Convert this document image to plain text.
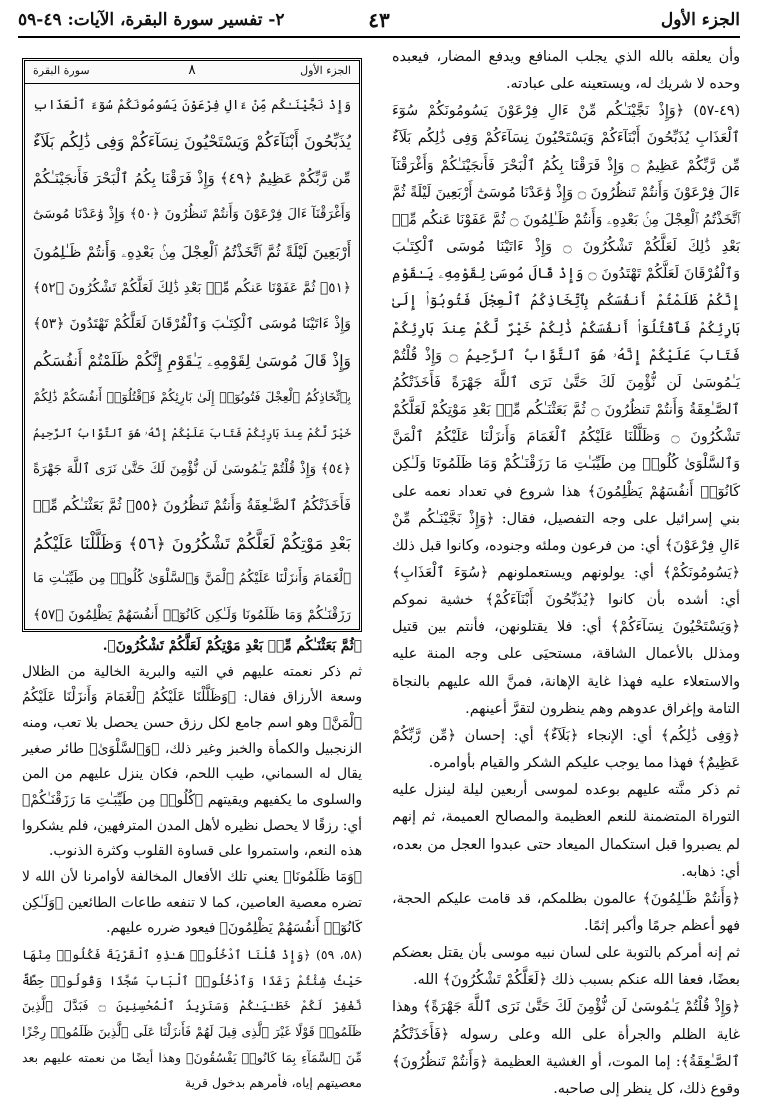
الجزء الأول
٤٣
٢- تفسير سورة البقرة، الآيات: ٤٩-٥٩

وأن يعلقه بالله الذي يجلب المنافع ويدفع المضار، فيعبده وحده لا شريك له، ويستعينه على عبادته.

(٤٩-٥٧) ﴿وَإِذْ نَجَّيْنَـٰكُم مِّنْ ءَالِ فِرْعَوْنَ يَسُومُونَكُمْ سُوٓءَ ٱلْعَذَابِ يُذَبِّحُونَ أَبْنَآءَكُمْ وَيَسْتَحْيُونَ نِسَآءَكُمْ وَفِى ذَٰلِكُم بَلَآءٌ مِّن رَّبِّكُمْ عَظِيمٌ ۝ وَإِذْ فَرَقْنَا بِكُمُ ٱلْبَحْرَ فَأَنجَيْنَـٰكُمْ وَأَغْرَقْنَآ ءَالَ فِرْعَوْنَ وَأَنتُمْ تَنظُرُونَ ۝ وَإِذْ وَٰعَدْنَا مُوسَىٰٓ أَرْبَعِينَ لَيْلَةً ثُمَّ ٱتَّخَذْتُمُ ٱلْعِجْلَ مِنۢ بَعْدِهِۦ وَأَنتُمْ ظَـٰلِمُونَ ۝ ثُمَّ عَفَوْنَا عَنكُم مِّنۢ بَعْدِ ذَٰلِكَ لَعَلَّكُمْ تَشْكُرُونَ ۝ وَإِذْ ءَاتَيْنَا مُوسَى ٱلْكِتَـٰبَ وَٱلْفُرْقَانَ لَعَلَّكُمْ تَهْتَدُونَ ۝ وَإِذْ قَالَ مُوسَىٰ لِقَوْمِهِۦ يَـٰقَوْمِ إِنَّكُمْ ظَلَمْتُمْ أَنفُسَكُم بِٱتِّخَاذِكُمُ ٱلْعِجْلَ فَتُوبُوٓا۟ إِلَىٰ بَارِئِكُمْ فَٱقْتُلُوٓا۟ أَنفُسَكُمْ ذَٰلِكُمْ خَيْرٌ لَّكُمْ عِندَ بَارِئِكُمْ فَتَابَ عَلَيْكُمْ إِنَّهُۥ هُوَ ٱلتَّوَّابُ ٱلرَّحِيمُ ۝ وَإِذْ قُلْتُمْ يَـٰمُوسَىٰ لَن نُّؤْمِنَ لَكَ حَتَّىٰ نَرَى ٱللَّهَ جَهْرَةً فَأَخَذَتْكُمُ ٱلصَّـٰعِقَةُ وَأَنتُمْ تَنظُرُونَ ۝ ثُمَّ بَعَثْنَـٰكُم مِّنۢ بَعْدِ مَوْتِكُمْ لَعَلَّكُمْ تَشْكُرُونَ ۝ وَظَلَّلْنَا عَلَيْكُمُ ٱلْغَمَامَ وَأَنزَلْنَا عَلَيْكُمُ ٱلْمَنَّ وَٱلسَّلْوَىٰ كُلُوا۟ مِن طَيِّبَـٰتِ مَا رَزَقْنَـٰكُمْ وَمَا ظَلَمُونَا وَلَـٰكِن كَانُوٓا۟ أَنفُسَهُمْ يَظْلِمُونَ﴾ هذا شروع في تعداد نعمه على بني إسرائيل على وجه التفصيل، فقال: ﴿وَإِذْ نَجَّيْنَـٰكُم مِّنْ ءَالِ فِرْعَوْنَ﴾ أي: من فرعون وملئه وجنوده، وكانوا قبل ذلك ﴿يَسُومُونَكُمْ﴾ أي: يولونهم ويستعملونهم ﴿سُوٓءَ ٱلْعَذَابِ﴾ أي: أشده بأن كانوا ﴿يُذَبِّحُونَ أَبْنَآءَكُمْ﴾ خشية نموكم ﴿وَيَسْتَحْيُونَ نِسَآءَكُمْ﴾ أي: فلا يقتلونهن، فأنتم بين قتيل ومذلل بالأعمال الشاقة، مستحيَى على وجه المنة عليه والاستعلاء عليه فهذا غاية الإهانة، فمنَّ الله عليهم بالنجاة التامة وإغراق عدوهم وهم ينظرون لتقرَّ أعينهم.

﴿وَفِى ذَٰلِكُم﴾ أي: الإنجاء ﴿بَلَآءٌ﴾ أي: إحسان ﴿مِّن رَّبِّكُمْ عَظِيمٌ﴾ فهذا مما يوجب عليكم الشكر والقيام بأوامره.

ثم ذكر منَّته عليهم بوعده لموسى أربعين ليلة لينزل عليه التوراة المتضمنة للنعم العظيمة والمصالح العميمة، ثم إنهم لم يصبروا قبل استكمال الميعاد حتى عبدوا العجل من بعده، أي: ذهابه.

﴿وَأَنتُمْ ظَـٰلِمُونَ﴾ عالمون بظلمكم، قد قامت عليكم الحجة، فهو أعظم جرمًا وأكبر إثمًا.

ثم إنه أمركم بالتوبة على لسان نبيه موسى بأن يقتل بعضكم بعضًا، فعفا الله عنكم بسبب ذلك ﴿لَعَلَّكُمْ تَشْكُرُونَ﴾ الله.

﴿وَإِذْ قُلْتُمْ يَـٰمُوسَىٰ لَن نُّؤْمِنَ لَكَ حَتَّىٰ نَرَى ٱللَّهَ جَهْرَةً﴾ وهذا غاية الظلم والجرأة على الله وعلى رسوله ﴿فَأَخَذَتْكُمُ ٱلصَّـٰعِقَةُ﴾: إما الموت، أو الغشية العظيمة ﴿وَأَنتُمْ تَنظُرُونَ﴾ وقوع ذلك، كل ينظر إلى صاحبه.

الجزء الأول
٨
سورة البقرة
وَإِذْ نَجَّيْنَـٰكُم مِّنْ ءَالِ فِرْعَوْنَ يَسُومُونَكُمْ سُوٓءَ ٱلْعَذَابِ
يُذَبِّحُونَ أَبْنَآءَكُمْ وَيَسْتَحْيُونَ نِسَآءَكُمْ وَفِى ذَٰلِكُم بَلَآءٌ
مِّن رَّبِّكُمْ عَظِيمٌ ﴿٤٩﴾ وَإِذْ فَرَقْنَا بِكُمُ ٱلْبَحْرَ فَأَنجَيْنَـٰكُمْ
وَأَغْرَقْنَآ ءَالَ فِرْعَوْنَ وَأَنتُمْ تَنظُرُونَ ﴿٥٠﴾ وَإِذْ وَٰعَدْنَا مُوسَىٰٓ
أَرْبَعِينَ لَيْلَةً ثُمَّ ٱتَّخَذْتُمُ ٱلْعِجْلَ مِنۢ بَعْدِهِۦ وَأَنتُمْ ظَـٰلِمُونَ
﴿٥١﴾ ثُمَّ عَفَوْنَا عَنكُم مِّنۢ بَعْدِ ذَٰلِكَ لَعَلَّكُمْ تَشْكُرُونَ ﴿٥٢﴾
وَإِذْ ءَاتَيْنَا مُوسَى ٱلْكِتَـٰبَ وَٱلْفُرْقَانَ لَعَلَّكُمْ تَهْتَدُونَ ﴿٥٣﴾
وَإِذْ قَالَ مُوسَىٰ لِقَوْمِهِۦ يَـٰقَوْمِ إِنَّكُمْ ظَلَمْتُمْ أَنفُسَكُم
بِٱتِّخَاذِكُمُ ٱلْعِجْلَ فَتُوبُوٓا۟ إِلَىٰ بَارِئِكُمْ فَٱقْتُلُوٓا۟ أَنفُسَكُمْ ذَٰلِكُمْ
خَيْرٌ لَّكُمْ عِندَ بَارِئِكُمْ فَتَابَ عَلَيْكُمْ إِنَّهُۥ هُوَ ٱلتَّوَّابُ ٱلرَّحِيمُ
﴿٥٤﴾ وَإِذْ قُلْتُمْ يَـٰمُوسَىٰ لَن نُّؤْمِنَ لَكَ حَتَّىٰ نَرَى ٱللَّهَ جَهْرَةً
فَأَخَذَتْكُمُ ٱلصَّـٰعِقَةُ وَأَنتُمْ تَنظُرُونَ ﴿٥٥﴾ ثُمَّ بَعَثْنَـٰكُم مِّنۢ
بَعْدِ مَوْتِكُمْ لَعَلَّكُمْ تَشْكُرُونَ ﴿٥٦﴾ وَظَلَّلْنَا عَلَيْكُمُ
ٱلْغَمَامَ وَأَنزَلْنَا عَلَيْكُمُ ٱلْمَنَّ وَٱلسَّلْوَىٰ كُلُوا۟ مِن طَيِّبَـٰتِ مَا
رَزَقْنَـٰكُمْ وَمَا ظَلَمُونَا وَلَـٰكِن كَانُوٓا۟ أَنفُسَهُمْ يَظْلِمُونَ ﴿٥٧﴾

﴿ثُمَّ بَعَثْنَـٰكُم مِّنۢ بَعْدِ مَوْتِكُمْ لَعَلَّكُمْ تَشْكُرُونَ﴾.

ثم ذكر نعمته عليهم في التيه والبرية الخالية من الظلال وسعة الأرزاق فقال: ﴿وَظَلَّلْنَا عَلَيْكُمُ ٱلْغَمَامَ وَأَنزَلْنَا عَلَيْكُمُ ٱلْمَنَّ﴾ وهو اسم جامع لكل رزق حسن يحصل بلا تعب، ومنه الزنجبيل والكمأة والخبز وغير ذلك، ﴿وَٱلسَّلْوَىٰ﴾ طائر صغير يقال له السماني، طيب اللحم، فكان ينزل عليهم من المن والسلوى ما يكفيهم ويقيتهم ﴿كُلُوا۟ مِن طَيِّبَـٰتِ مَا رَزَقْنَـٰكُمْ﴾ أي: رزقًا لا يحصل نظيره لأهل المدن المترفهين، فلم يشكروا هذه النعم، واستمروا على قساوة القلوب وكثرة الذنوب.

﴿وَمَا ظَلَمُونَا﴾ يعني تلك الأفعال المخالفة لأوامرنا لأن الله لا تضره معصية العاصين، كما لا تنفعه طاعات الطائعين ﴿وَلَـٰكِن كَانُوٓا۟ أَنفُسَهُمْ يَظْلِمُونَ﴾ فيعود ضرره عليهم.

(٥٨، ٥٩) ﴿وَإِذْ قُلْنَا ٱدْخُلُوا۟ هَـٰذِهِ ٱلْقَرْيَةَ فَكُلُوا۟ مِنْهَا حَيْثُ شِئْتُمْ رَغَدًا وَٱدْخُلُوا۟ ٱلْبَابَ سُجَّدًا وَقُولُوا۟ حِطَّةٌ نَّغْفِرْ لَكُمْ خَطَـٰيَـٰكُمْ وَسَنَزِيدُ ٱلْمُحْسِنِينَ ۝ فَبَدَّلَ ٱلَّذِينَ ظَلَمُوا۟ قَوْلًا غَيْرَ ٱلَّذِى قِيلَ لَهُمْ فَأَنزَلْنَا عَلَى ٱلَّذِينَ ظَلَمُوا۟ رِجْزًا مِّنَ ٱلسَّمَآءِ بِمَا كَانُوا۟ يَفْسُقُونَ﴾ وهذا أيضًا من نعمته عليهم بعد معصيتهم إياه، فأمرهم بدخول قرية
